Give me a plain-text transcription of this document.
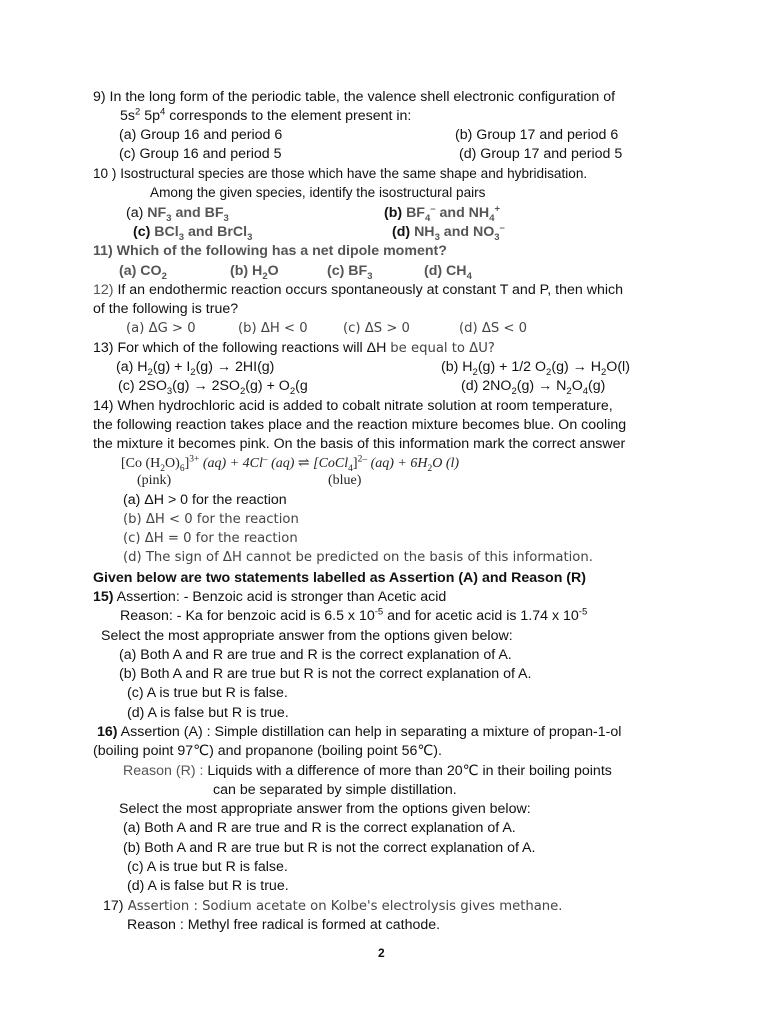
9) In the long form of the periodic table, the valence shell electronic configuration of
$5s^2$ $5p^4$ corresponds to the element present in:
(a) Group 16 and period 6	(b) Group 17 and period 6
(c) Group 16 and period 5	(d) Group 17 and period 5
10 ) Isostructural species are those which have the same shape and hybridisation.
Among the given species, identify the isostructural pairs
(a) $NF_3$ and $BF_3$	(b) $BF_4^-$ and $NH_4^+$
(c) BCl$_3$ and BrCl$_3$	(d) $NH_3$ and $NO_3^-$
11) Which of the following has a net dipole moment?
(a) $CO_2$	(b) $H_2O$	(c) $BF_3$	(d) $CH_4$
12) If an endothermic reaction occurs spontaneously at constant T and P, then which
of the following is true?
(a) ΔG > 0	(b) ΔH < 0	(c) ΔS > 0	(d) ΔS < 0
13) For which of the following reactions will ΔH be equal to ΔU?
(a) $H_2(g) + I_2(g) \to 2HI(g)$	(b) $H_2(g) + 1/2$ $O_2(g) \to H_2O(l)$
(c) $2SO_3(g) \to 2SO_2(g) + O_2(g$	(d) $2NO_2(g) \to N_2O_4(g)$
14) When hydrochloric acid is added to cobalt nitrate solution at room temperature,
the following reaction takes place and the reaction mixture becomes blue. On cooling
the mixture it becomes pink. On the basis of this information mark the correct answer
[Co $(H_2O)_6]^{3+}$ (aq) + 4Cl– (aq) ⇌ [CoCl$_4$]$^{2-}$ $(aq) + 6H_2O$ (l)
(pink)	(blue)
(a) ΔH > 0 for the reaction
(b) ΔH < 0 for the reaction
(c) ΔH = 0 for the reaction
(d) The sign of ΔH cannot be predicted on the basis of this information.
Given below are two statements labelled as Assertion (A) and Reason (R)
15) Assertion: - Benzoic acid is stronger than Acetic acid
Reason: - Ka for benzoic acid is 6.5 x $10^{-5}$ and for acetic acid is 1.74 x $10^{-5}$
Select the most appropriate answer from the options given below:
(a) Both A and R are true and R is the correct explanation of A.
(b) Both A and R are true but R is not the correct explanation of A.
(c) A is true but R is false.
(d) A is false but R is true.
16) Assertion (A) : Simple distillation can help in separating a mixture of propan-1-ol
(boiling point 97℃) and propanone (boiling point 56℃).
Reason (R) : Liquids with a difference of more than 20℃ in their boiling points
can be separated by simple distillation.
Select the most appropriate answer from the options given below:
(a) Both A and R are true and R is the correct explanation of A.
(b) Both A and R are true but R is not the correct explanation of A.
(c) A is true but R is false.
(d) A is false but R is true.
17) Assertion : Sodium acetate on Kolbe's electrolysis gives methane.
Reason : Methyl free radical is formed at cathode.
2
